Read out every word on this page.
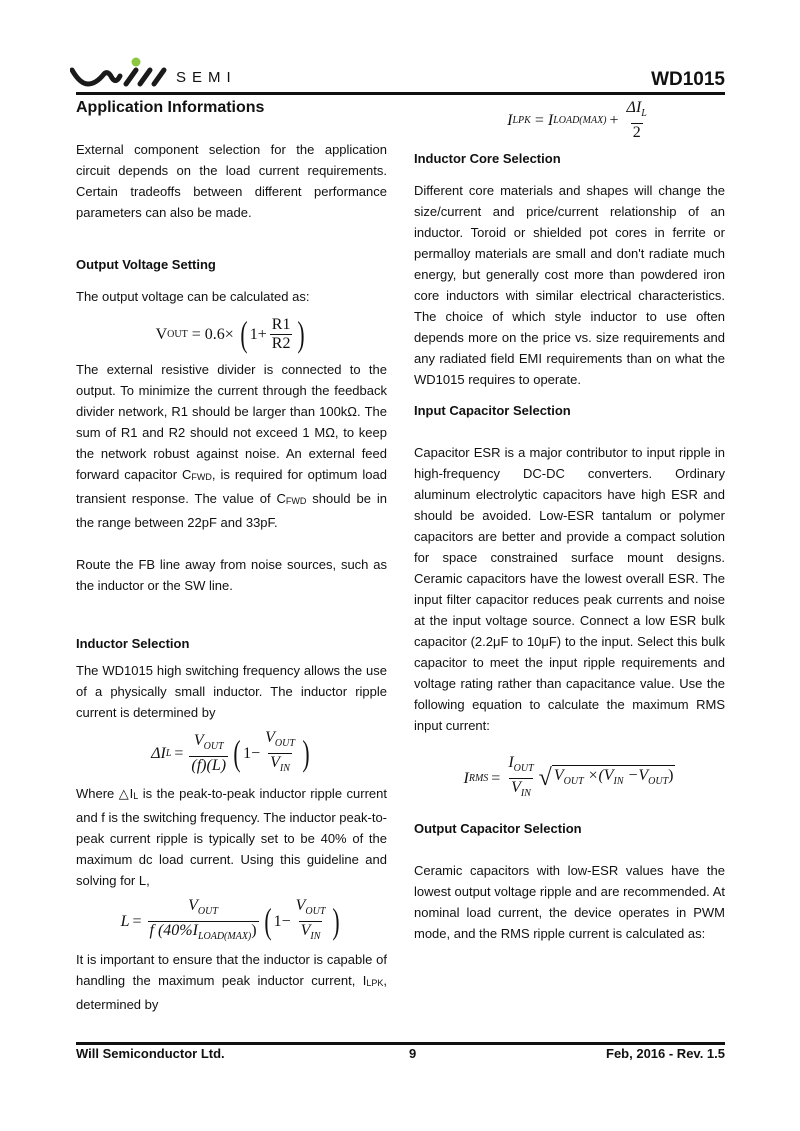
SEMI	WD1015
Application Informations

External component selection for the application circuit depends on the load current requirements. Certain tradeoffs between different performance parameters can also be made.

Output Voltage Setting

The output voltage can be calculated as:

V OUT = 0.6× ( $1+ \frac{R1}{R2}$ )

The external resistive divider is connected to the output. To minimize the current through the feedback divider network, R1 should be larger than 100kΩ. The sum of R1 and R2 should not exceed 1 MΩ, to keep the network robust against noise. An external feed forward capacitor CFWD, is required for optimum load transient response. The value of CFWD should be in the range between 22pF and 33pF.

Route the FB line away from noise sources, such as the inductor or the SW line.

Inductor Selection

The WD1015 high switching frequency allows the use of a physically small inductor. The inductor ripple current is determined by

ΔI $L = \frac{V_{OUT}}{(f)(L)}$ ( $1- \frac{V_{OUT}}{V_{IN}}$ )

Where △IL is the peak-to-peak inductor ripple current and f is the switching frequency. The inductor peak-to-peak current ripple is typically set to be 40% of the maximum dc load current. Using this guideline and solving for L,

$L = \frac{V_{OUT}}{f (40\%I_{LOAD(MAX)})}$ ( $1- \frac{V_{OUT}}{V_{IN}}$ )

It is important to ensure that the inductor is capable of handling the maximum peak inductor current, ILPK, determined by

I LPK = I LOAD(MAX) + $\frac{\Delta I_L}{2}$
Inductor Core Selection

Different core materials and shapes will change the size/current and price/current relationship of an inductor. Toroid or shielded pot cores in ferrite or permalloy materials are small and don't radiate much energy, but generally cost more than powdered iron core inductors with similar electrical characteristics. The choice of which style inductor to use often depends more on the price vs. size requirements and any radiated field EMI requirements than on what the WD1015 requires to operate.

Input Capacitor Selection

Capacitor ESR is a major contributor to input ripple in high-frequency DC-DC converters. Ordinary aluminum electrolytic capacitors have high ESR and should be avoided. Low-ESR tantalum or polymer capacitors are better and provide a compact solution for space constrained surface mount designs. Ceramic capacitors have the lowest overall ESR. The input filter capacitor reduces peak currents and noise at the input voltage source. Connect a low ESR bulk capacitor (2.2μF to 10μF) to the input. Select this bulk capacitor to meet the input ripple requirements and voltage rating rather than capacitance value. Use the following equation to calculate the maximum RMS input current:

I RMS = $\frac{I_{OUT}}{V_{IN}}$ √ $V_{OUT} \times(V_{IN} -V_{OUT})$
Output Capacitor Selection

Ceramic capacitors with low-ESR values have the lowest output voltage ripple and are recommended. At nominal load current, the device operates in PWM mode, and the RMS ripple current is calculated as:

Will Semiconductor Ltd.	9	Feb, 2016 - Rev. 1.5
